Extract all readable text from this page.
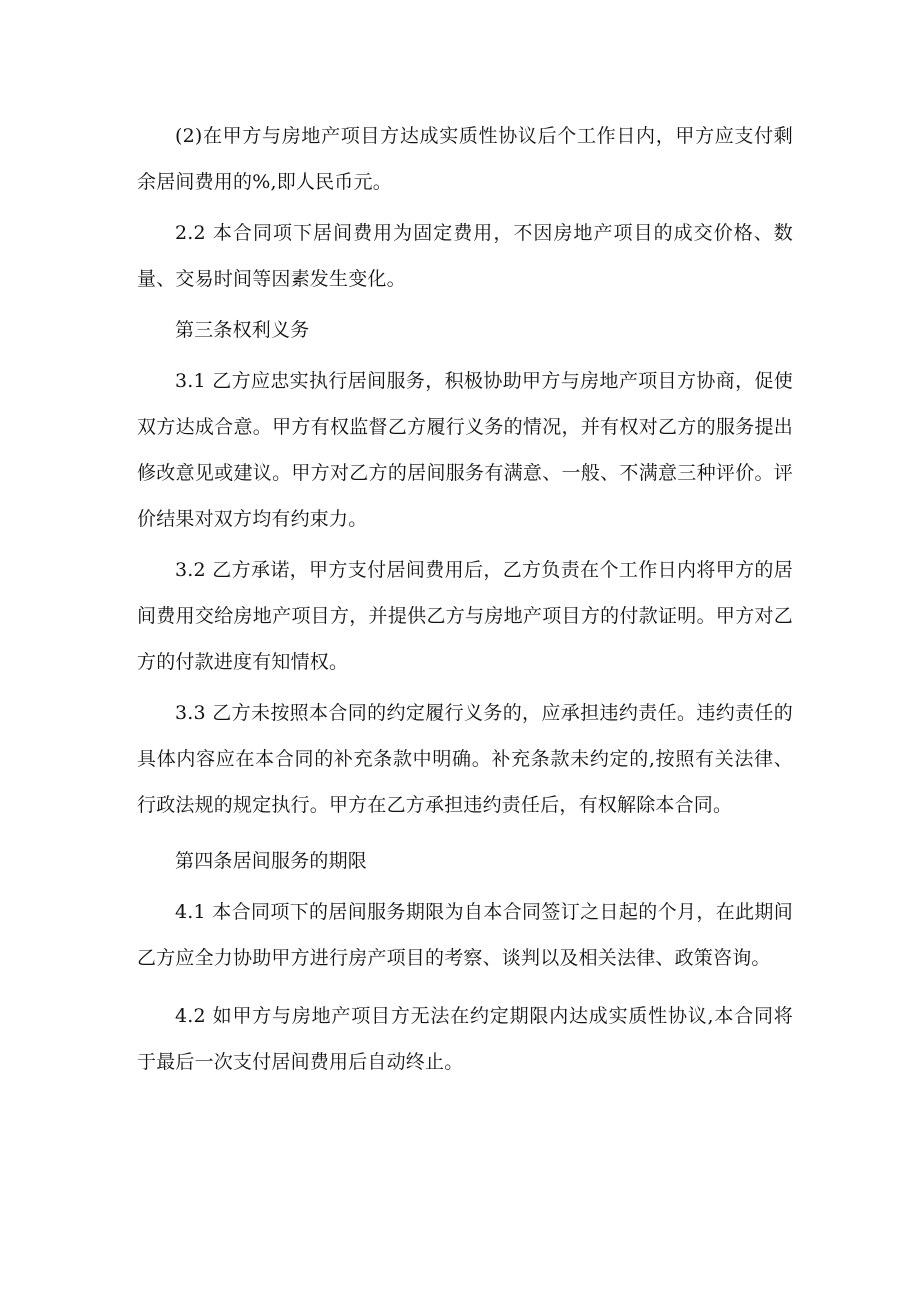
(2)在甲方与房地产项目方达成实质性协议后个工作日内，甲方应支付剩余居间费用的%,即人民币元。

2.2 本合同项下居间费用为固定费用，不因房地产项目的成交价格、数量、交易时间等因素发生变化。

第三条权利义务

3.1 乙方应忠实执行居间服务，积极协助甲方与房地产项目方协商，促使双方达成合意。甲方有权监督乙方履行义务的情况，并有权对乙方的服务提出修改意见或建议。甲方对乙方的居间服务有满意、一般、不满意三种评价。评价结果对双方均有约束力。

3.2 乙方承诺，甲方支付居间费用后，乙方负责在个工作日内将甲方的居间费用交给房地产项目方，并提供乙方与房地产项目方的付款证明。甲方对乙方的付款进度有知情权。

3.3 乙方未按照本合同的约定履行义务的，应承担违约责任。违约责任的具体内容应在本合同的补充条款中明确。补充条款未约定的,按照有关法律、行政法规的规定执行。甲方在乙方承担违约责任后，有权解除本合同。

第四条居间服务的期限

4.1 本合同项下的居间服务期限为自本合同签订之日起的个月，在此期间乙方应全力协助甲方进行房产项目的考察、谈判以及相关法律、政策咨询。

4.2 如甲方与房地产项目方无法在约定期限内达成实质性协议,本合同将于最后一次支付居间费用后自动终止。
